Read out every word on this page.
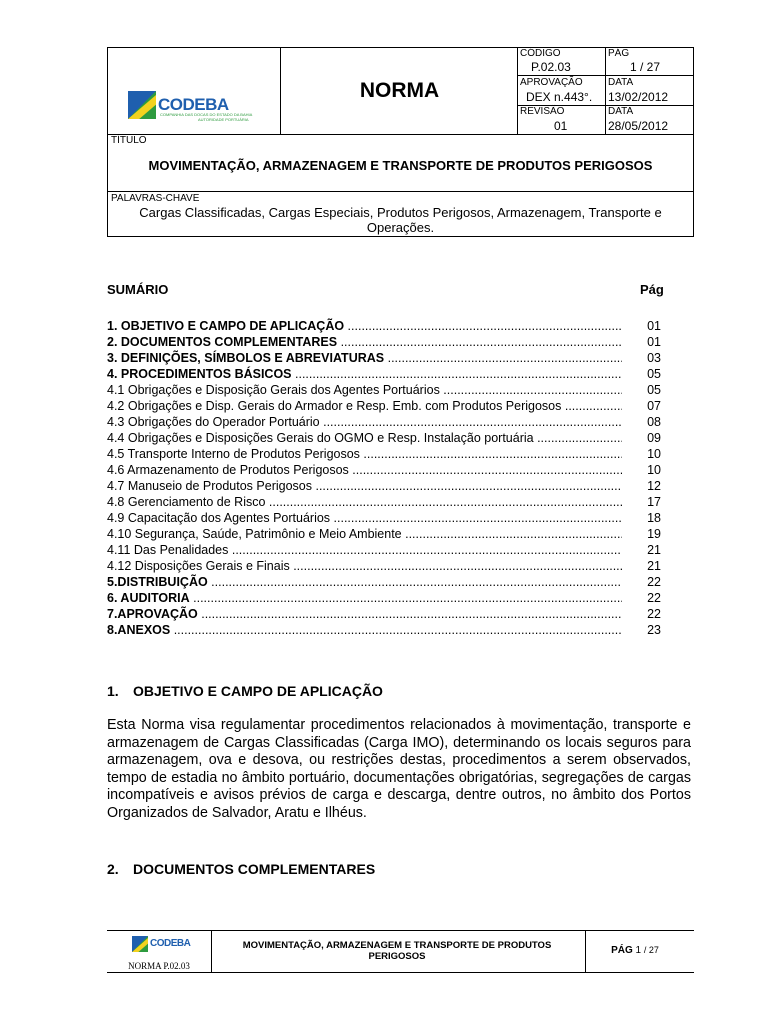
CODEBA
COMPANHIA DAS DOCAS DO ESTADO DA BAHIA
AUTORIDADE PORTUÁRIA
NORMA
CÓDIGO
P.02.03
PÁG
1 / 27
APROVAÇÃO
DEX n.443°.
DATA
13/02/2012
REVISÃO
01
DATA
28/05/2012
TÍTULO
MOVIMENTAÇÃO, ARMAZENAGEM E TRANSPORTE DE PRODUTOS PERIGOSOS
PALAVRAS-CHAVE
Cargas Classificadas, Cargas Especiais, Produtos Perigosos, Armazenagem, Transporte e Operações.
SUMÁRIO	Pág
1. OBJETIVO E CAMPO DE APLICAÇÃO .....	01
2. DOCUMENTOS COMPLEMENTARES .....	01
3. DEFINIÇÕES, SÍMBOLOS E ABREVIATURAS .....	03
4. PROCEDIMENTOS BÁSICOS .....	05
4.1 Obrigações e Disposição Gerais dos Agentes Portuários .....	05
4.2 Obrigações e Disp. Gerais do Armador e Resp. Emb. com Produtos Perigosos .....	07
4.3 Obrigações do Operador Portuário .....	08
4.4 Obrigações e Disposições Gerais do OGMO e Resp. Instalação portuária .....	09
4.5 Transporte Interno de Produtos Perigosos .....	10
4.6 Armazenamento de Produtos Perigosos .....	10
4.7 Manuseio de Produtos Perigosos .....	12
4.8 Gerenciamento de Risco .....	17
4.9 Capacitação dos Agentes Portuários .....	18
4.10 Segurança, Saúde, Patrimônio e Meio Ambiente .....	19
4.11 Das Penalidades .....	21
4.12 Disposições Gerais e Finais .....	21
5.DISTRIBUIÇÃO .....	22
6. AUDITORIA .....	22
7.APROVAÇÃO .....	22
8.ANEXOS .....	23
1. OBJETIVO E CAMPO DE APLICAÇÃO
Esta Norma visa regulamentar procedimentos relacionados à movimentação, transporte e armazenagem de Cargas Classificadas (Carga IMO), determinando os locais seguros para armazenagem, ova e desova, ou restrições destas, procedimentos a serem observados, tempo de estadia no âmbito portuário, documentações obrigatórias, segregações de cargas incompatíveis e avisos prévios de carga e descarga, dentre outros, no âmbito dos Portos Organizados de Salvador, Aratu e Ilhéus.
2. DOCUMENTOS COMPLEMENTARES
CODEBA
NORMA P.02.03
MOVIMENTAÇÃO, ARMAZENAGEM E TRANSPORTE DE PRODUTOS PERIGOSOS
PÁG 1 / 27
